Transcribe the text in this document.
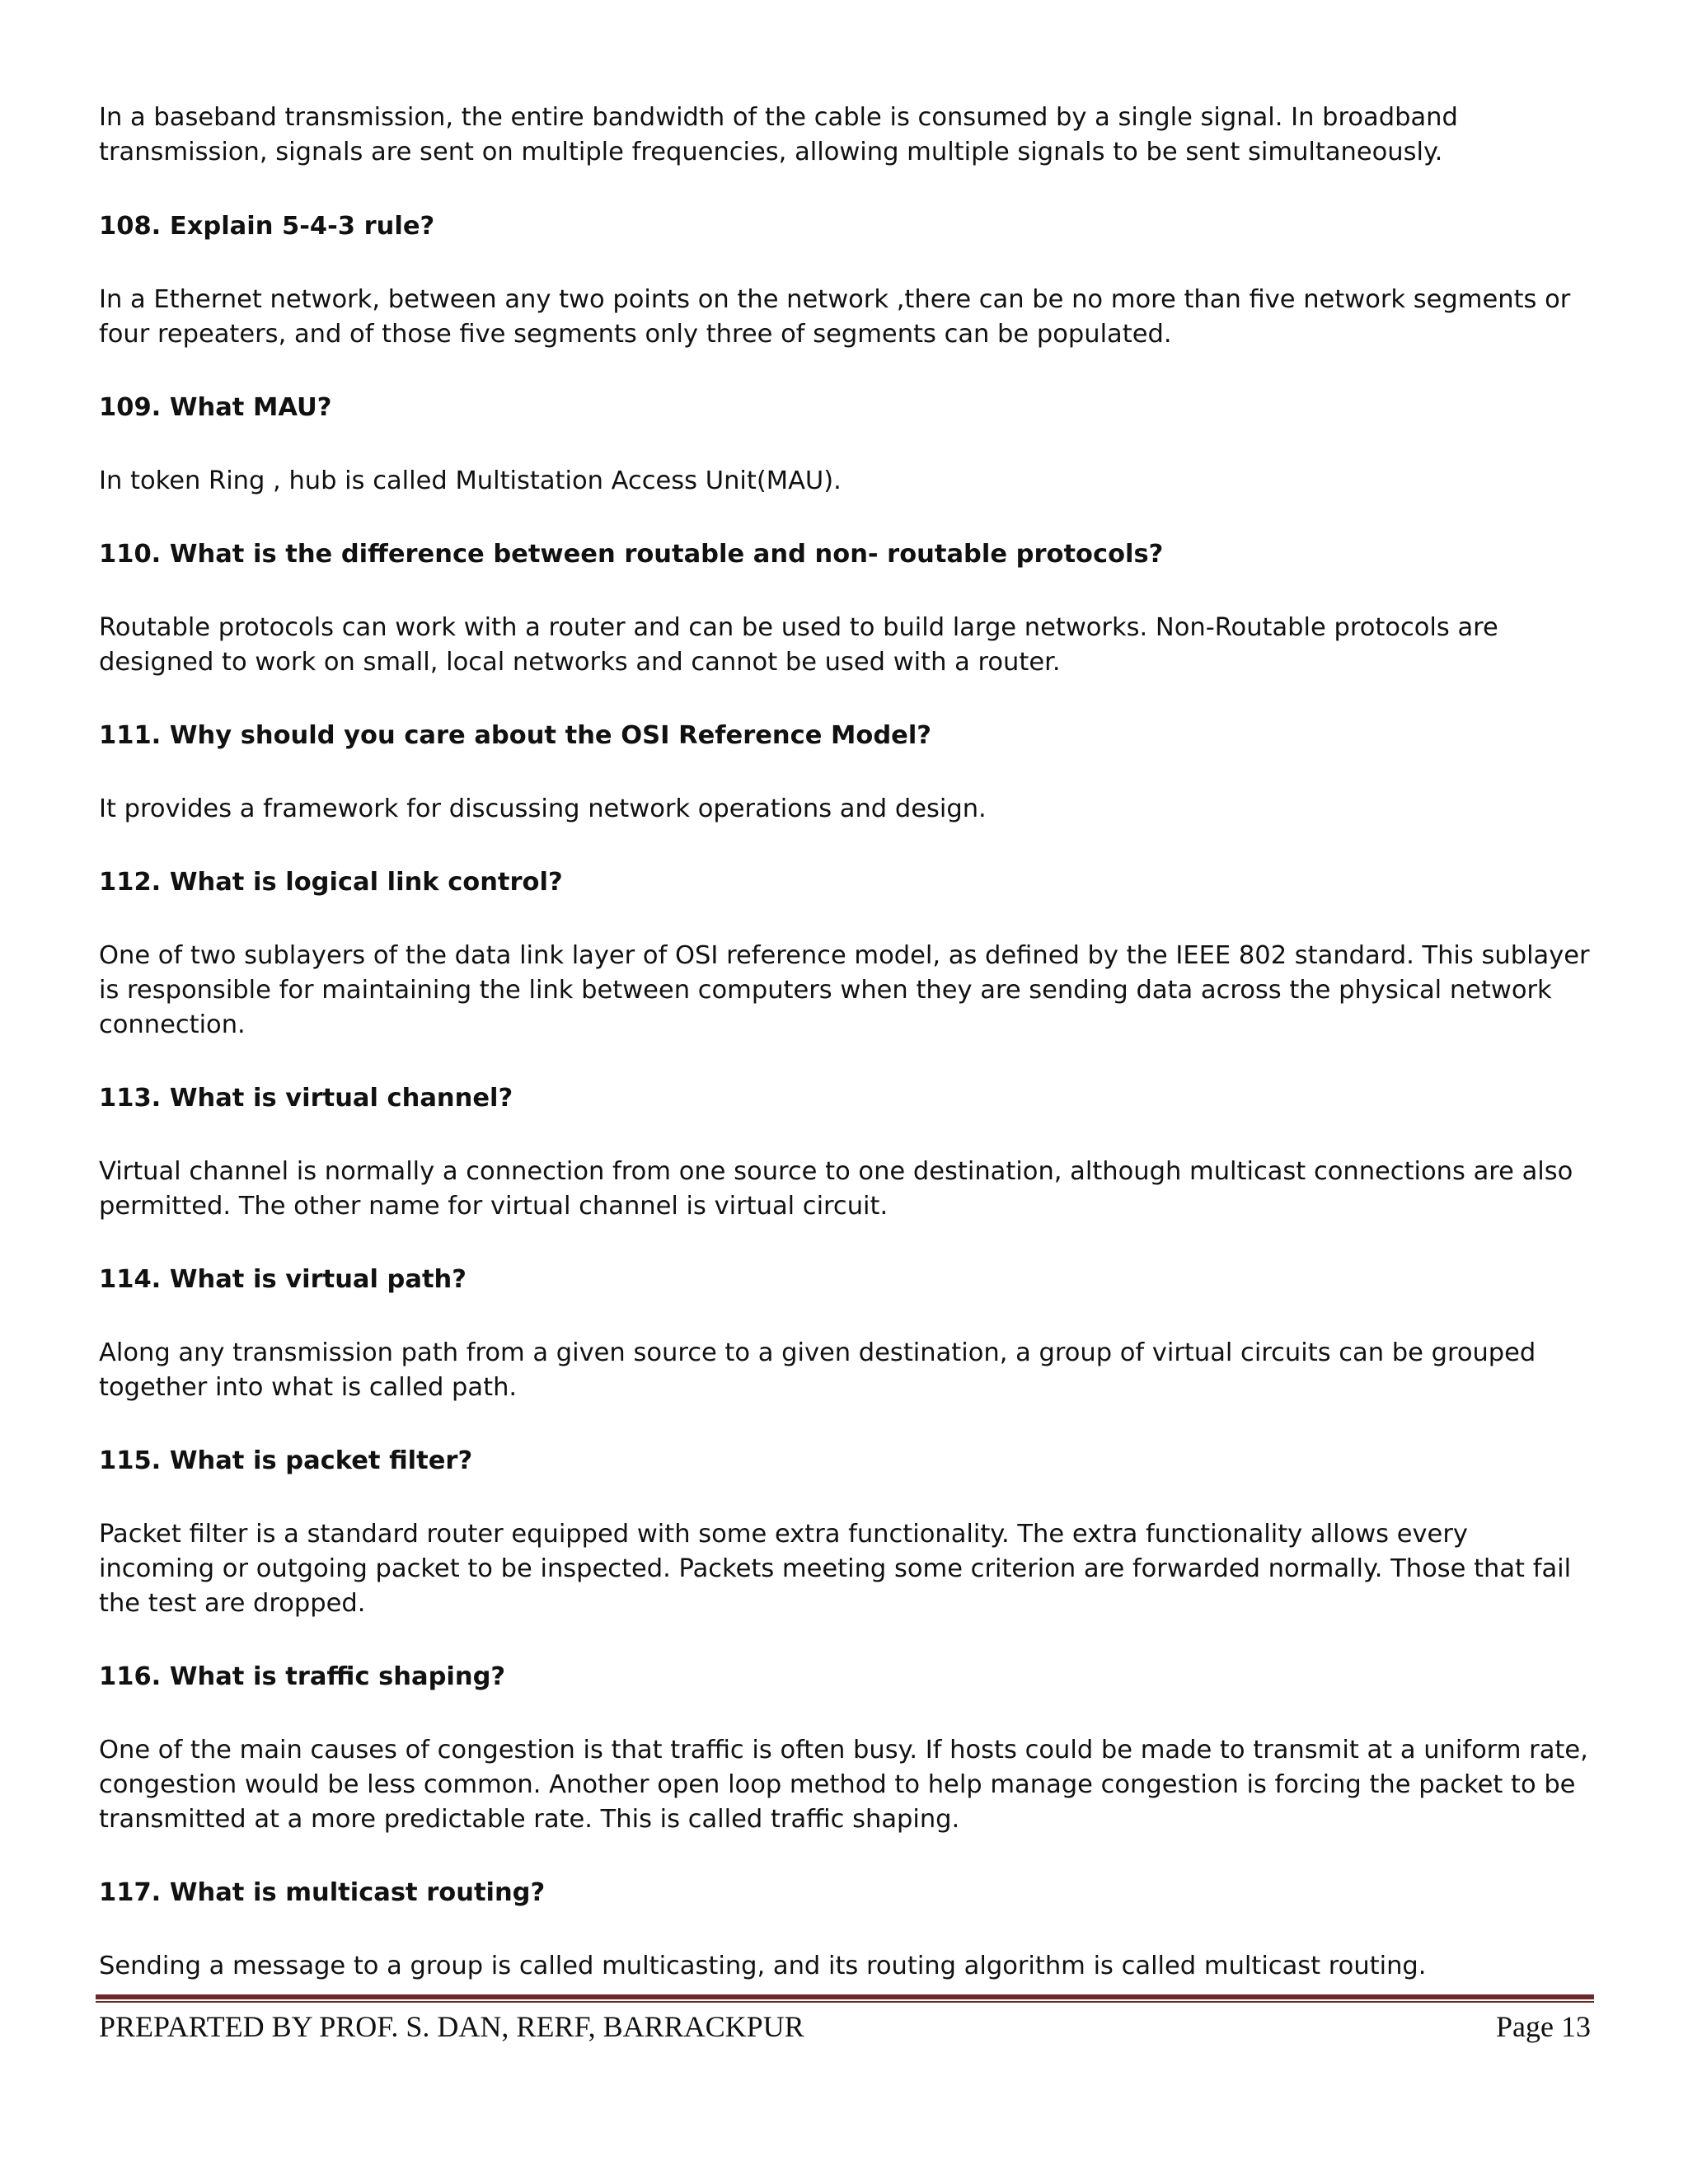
In a baseband transmission, the entire bandwidth of the cable is consumed by a single signal. In broadband transmission, signals are sent on multiple frequencies, allowing multiple signals to be sent simultaneously.

108. Explain 5-4-3 rule?

In a Ethernet network, between any two points on the network ,there can be no more than five network segments or four repeaters, and of those five segments only three of segments can be populated.

109. What MAU?

In token Ring , hub is called Multistation Access Unit(MAU).

110. What is the difference between routable and non- routable protocols?

Routable protocols can work with a router and can be used to build large networks. Non-Routable protocols are designed to work on small, local networks and cannot be used with a router.

111. Why should you care about the OSI Reference Model?

It provides a framework for discussing network operations and design.

112. What is logical link control?

One of two sublayers of the data link layer of OSI reference model, as defined by the IEEE 802 standard. This sublayer is responsible for maintaining the link between computers when they are sending data across the physical network connection.

113. What is virtual channel?

Virtual channel is normally a connection from one source to one destination, although multicast connections are also permitted. The other name for virtual channel is virtual circuit.

114. What is virtual path?

Along any transmission path from a given source to a given destination, a group of virtual circuits can be grouped together into what is called path.

115. What is packet filter?

Packet filter is a standard router equipped with some extra functionality. The extra functionality allows every incoming or outgoing packet to be inspected. Packets meeting some criterion are forwarded normally. Those that fail the test are dropped.

116. What is traffic shaping?

One of the main causes of congestion is that traffic is often busy. If hosts could be made to transmit at a uniform rate, congestion would be less common. Another open loop method to help manage congestion is forcing the packet to be transmitted at a more predictable rate. This is called traffic shaping.

117. What is multicast routing?

Sending a message to a group is called multicasting, and its routing algorithm is called multicast routing.

PREPARTED BY PROF. S. DAN, RERF, BARRACKPUR	Page 13
